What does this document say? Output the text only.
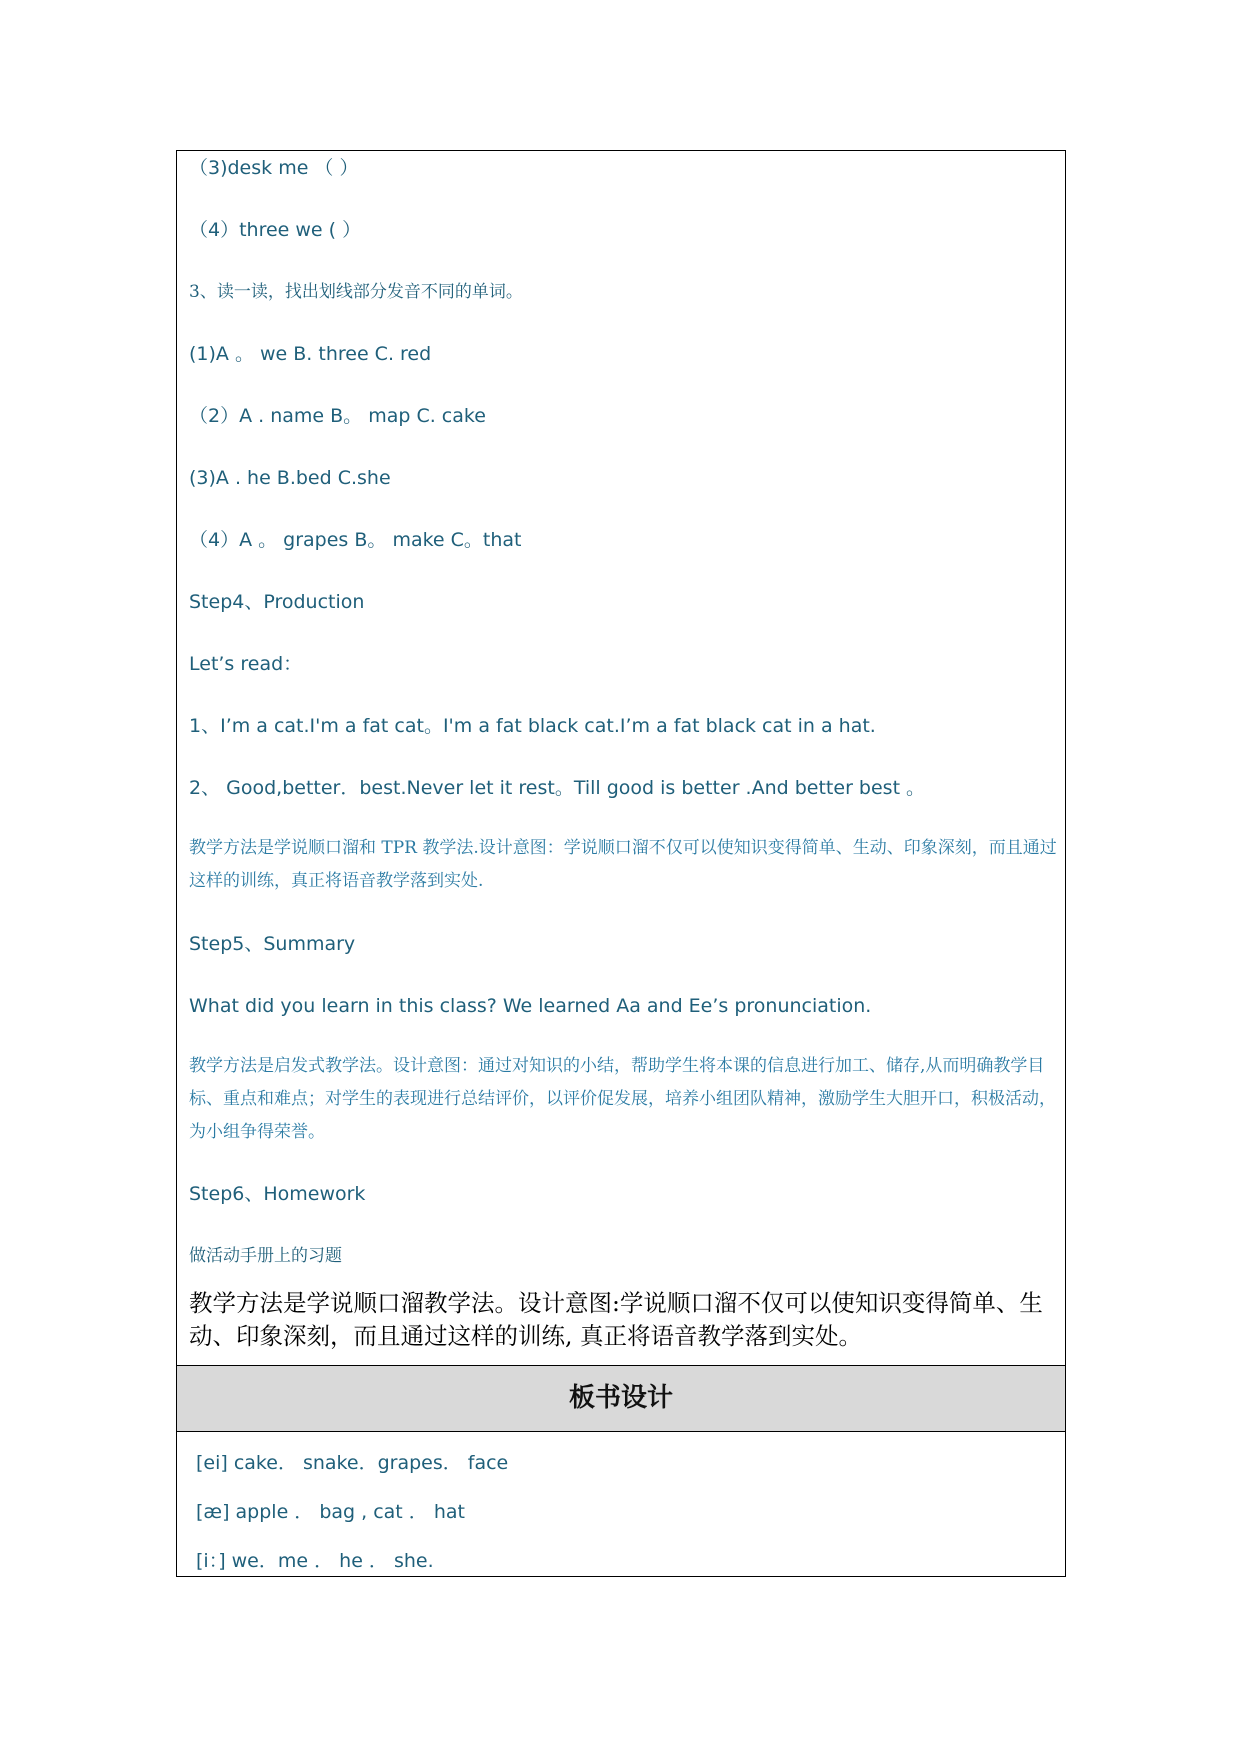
（3)desk me （ ）
（4）three we ( ）
3、读一读，找出划线部分发音不同的单词。
(1)A 。 we B. three C. red
（2）A . name B。 map C. cake
(3)A . he B.bed C.she
（4）A 。 grapes B。 make C。that
Step4、Production
Let’s read：
1、I’m a cat.I'm a fat cat。I'm a fat black cat.I’m a fat black cat in a hat.
2、 Good,better．best.Never let it rest。Till good is better .And better best 。
教学方法是学说顺口溜和 TPR 教学法.设计意图：学说顺口溜不仅可以使知识变得简单、生动、印象深刻，而且通过这样的训练，真正将语音教学落到实处.
Step5、Summary
What did you learn in this class? We learned Aa and Ee’s pronunciation.
教学方法是启发式教学法。设计意图：通过对知识的小结，帮助学生将本课的信息进行加工、储存,从而明确教学目标、重点和难点；对学生的表现进行总结评价，以评价促发展，培养小组团队精神，激励学生大胆开口，积极活动，为小组争得荣誉。
Step6、Homework
做活动手册上的习题
教学方法是学说顺口溜教学法。设计意图:学说顺口溜不仅可以使知识变得简单、生动、印象深刻，而且通过这样的训练, 真正将语音教学落到实处。
板书设计
[ei] cake． snake．grapes． face
[æ] apple ． bag , cat ． hat
[i：] we．me ． he ． she.
